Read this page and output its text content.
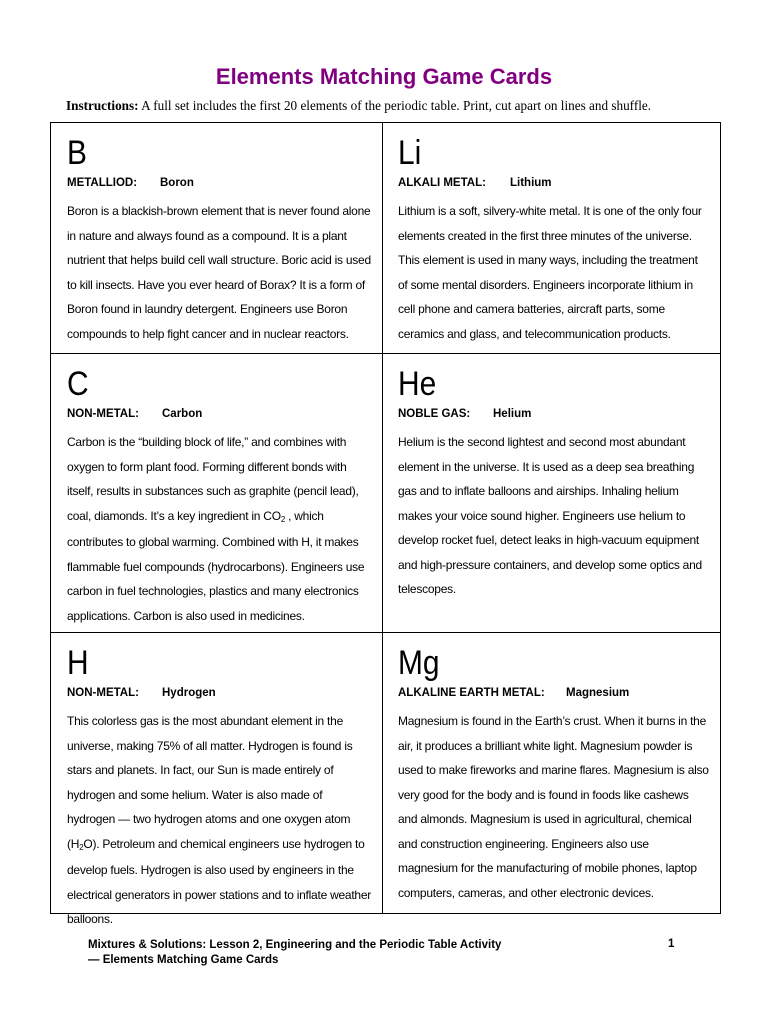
Elements Matching Game Cards
Instructions: A full set includes the first 20 elements of the periodic table. Print, cut apart on lines and shuffle.
B
METALLIOD: Boron
Boron is a blackish-brown element that is never found alone in nature and always found as a compound. It is a plant nutrient that helps build cell wall structure. Boric acid is used to kill insects. Have you ever heard of Borax? It is a form of Boron found in laundry detergent. Engineers use Boron compounds to help fight cancer and in nuclear reactors.
Li
ALKALI METAL: Lithium
Lithium is a soft, silvery-white metal. It is one of the only four elements created in the first three minutes of the universe. This element is used in many ways, including the treatment of some mental disorders. Engineers incorporate lithium in cell phone and camera batteries, aircraft parts, some ceramics and glass, and telecommunication products.
C
NON-METAL: Carbon
Carbon is the “building block of life,” and combines with oxygen to form plant food. Forming different bonds with itself, results in substances such as graphite (pencil lead), coal, diamonds. It’s a key ingredient in $CO_2$ , which contributes to global warming. Combined with H, it makes flammable fuel compounds (hydrocarbons). Engineers use carbon in fuel technologies, plastics and many electronics applications. Carbon is also used in medicines.
He
NOBLE GAS: Helium
Helium is the second lightest and second most abundant element in the universe. It is used as a deep sea breathing gas and to inflate balloons and airships. Inhaling helium makes your voice sound higher. Engineers use helium to develop rocket fuel, detect leaks in high-vacuum equipment and high-pressure containers, and develop some optics and telescopes.
H
NON-METAL: Hydrogen
This colorless gas is the most abundant element in the universe, making 75% of all matter. Hydrogen is found is stars and planets. In fact, our Sun is made entirely of hydrogen and some helium. Water is also made of hydrogen — two hydrogen atoms and one oxygen atom $(H_2O)$. Petroleum and chemical engineers use hydrogen to develop fuels. Hydrogen is also used by engineers in the electrical generators in power stations and to inflate weather balloons.
Mg
ALKALINE EARTH METAL: Magnesium
Magnesium is found in the Earth’s crust. When it burns in the air, it produces a brilliant white light. Magnesium powder is used to make fireworks and marine flares. Magnesium is also very good for the body and is found in foods like cashews and almonds. Magnesium is used in agricultural, chemical and construction engineering. Engineers also use magnesium for the manufacturing of mobile phones, laptop computers, cameras, and other electronic devices.
Mixtures & Solutions: Lesson 2, Engineering and the Periodic Table Activity
— Elements Matching Game Cards
1
